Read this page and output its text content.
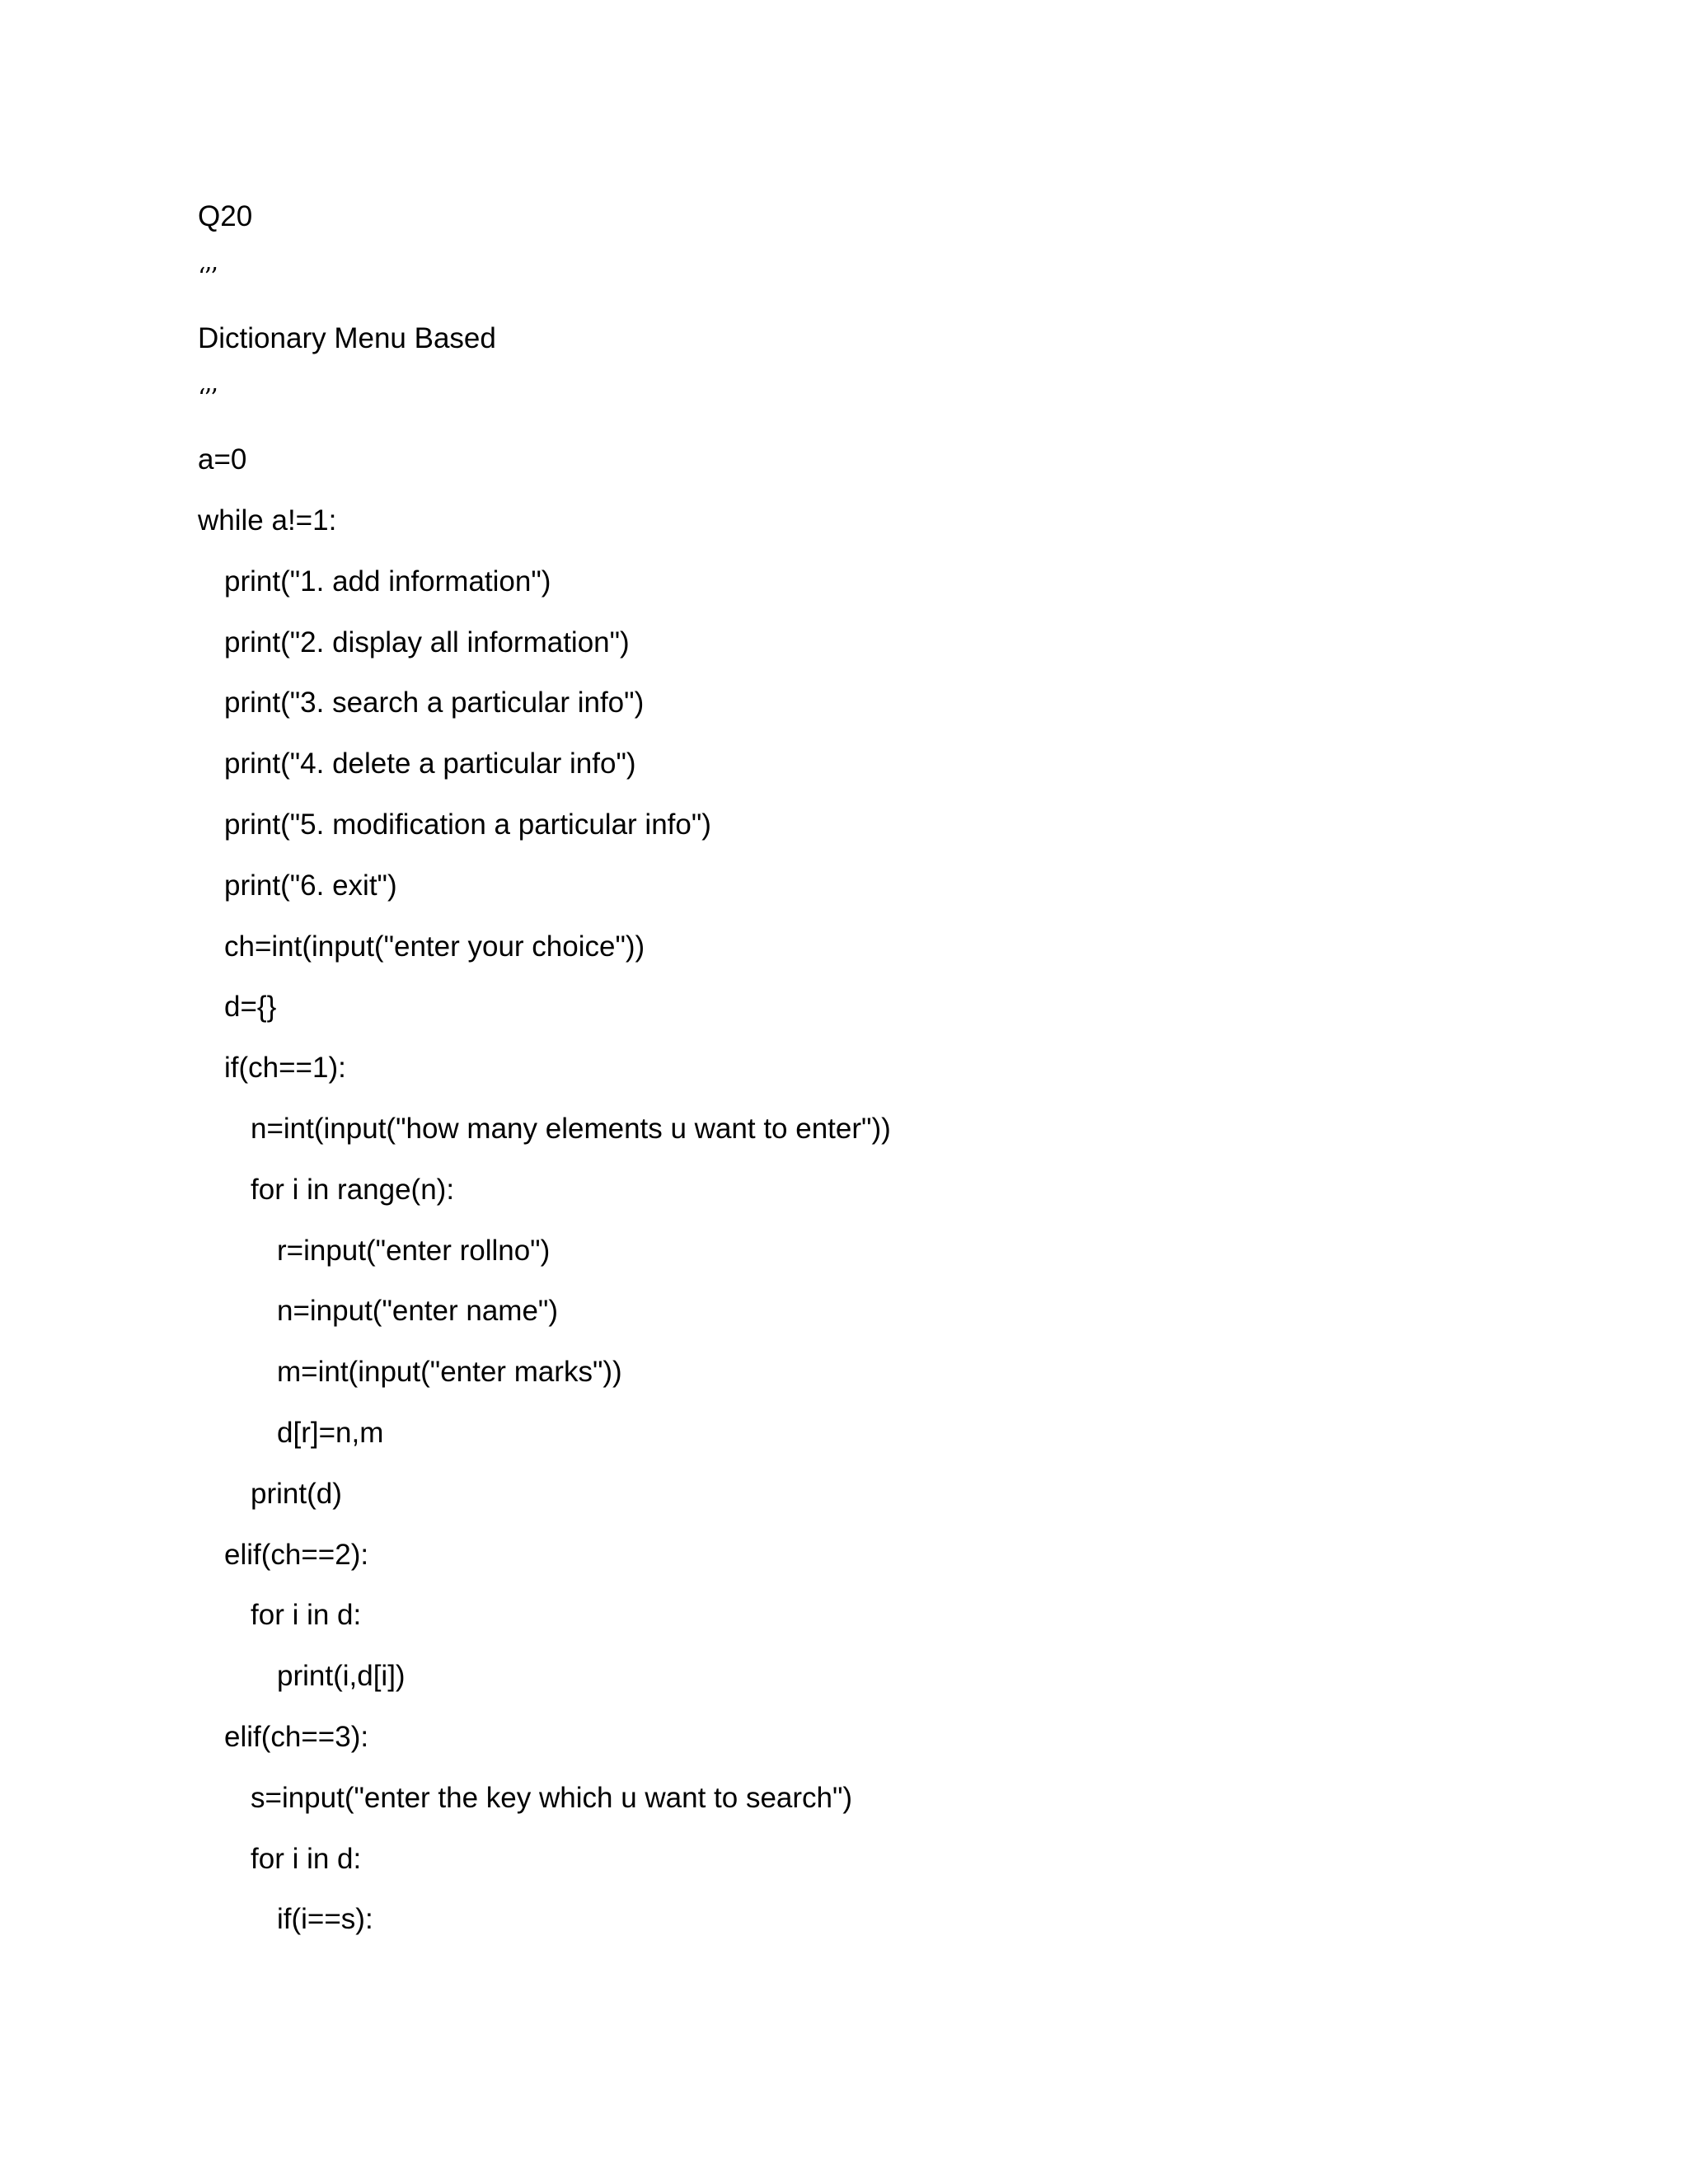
Q20
‘’’
Dictionary Menu Based
‘’’
a=0
while a!=1:
print("1. add information")
print("2. display all information")
print("3. search a particular info")
print("4. delete a particular info")
print("5. modification a particular info")
print("6. exit")
ch=int(input("enter your choice"))
d={}
if(ch==1):
n=int(input("how many elements u want to enter"))
for i in range(n):
r=input("enter rollno")
n=input("enter name")
m=int(input("enter marks"))
d[r]=n,m
print(d)
elif(ch==2):
for i in d:
print(i,d[i])
elif(ch==3):
s=input("enter the key which u want to search")
for i in d:
if(i==s):
